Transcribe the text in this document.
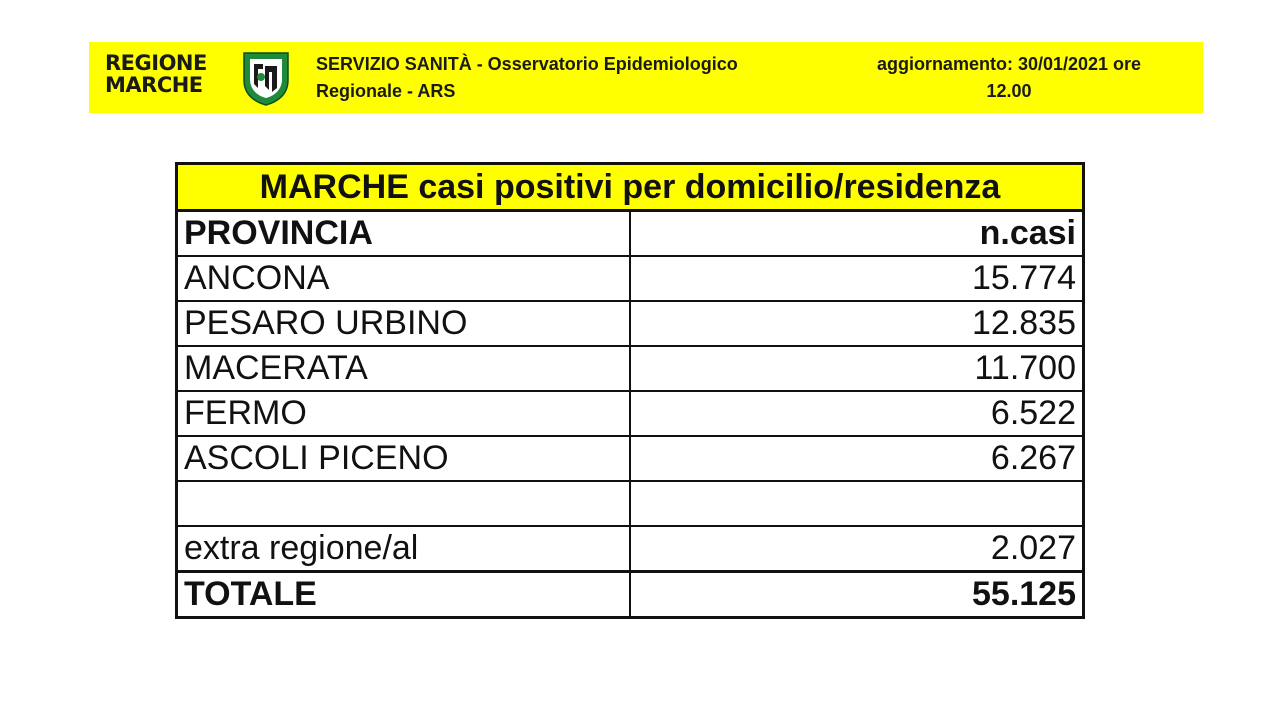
REGIONE
MARCHE
SERVIZIO SANITÀ - Osservatorio Epidemiologico
Regionale - ARS
aggiornamento: 30/01/2021 ore
12.00
MARCHE casi positivi per domicilio/residenza	
PROVINCIA	n.casi
ANCONA	15.774
PESARO URBINO	12.835
MACERATA	11.700
FERMO	6.522
ASCOLI PICENO	6.267

extra regione/al	2.027
TOTALE	55.125
